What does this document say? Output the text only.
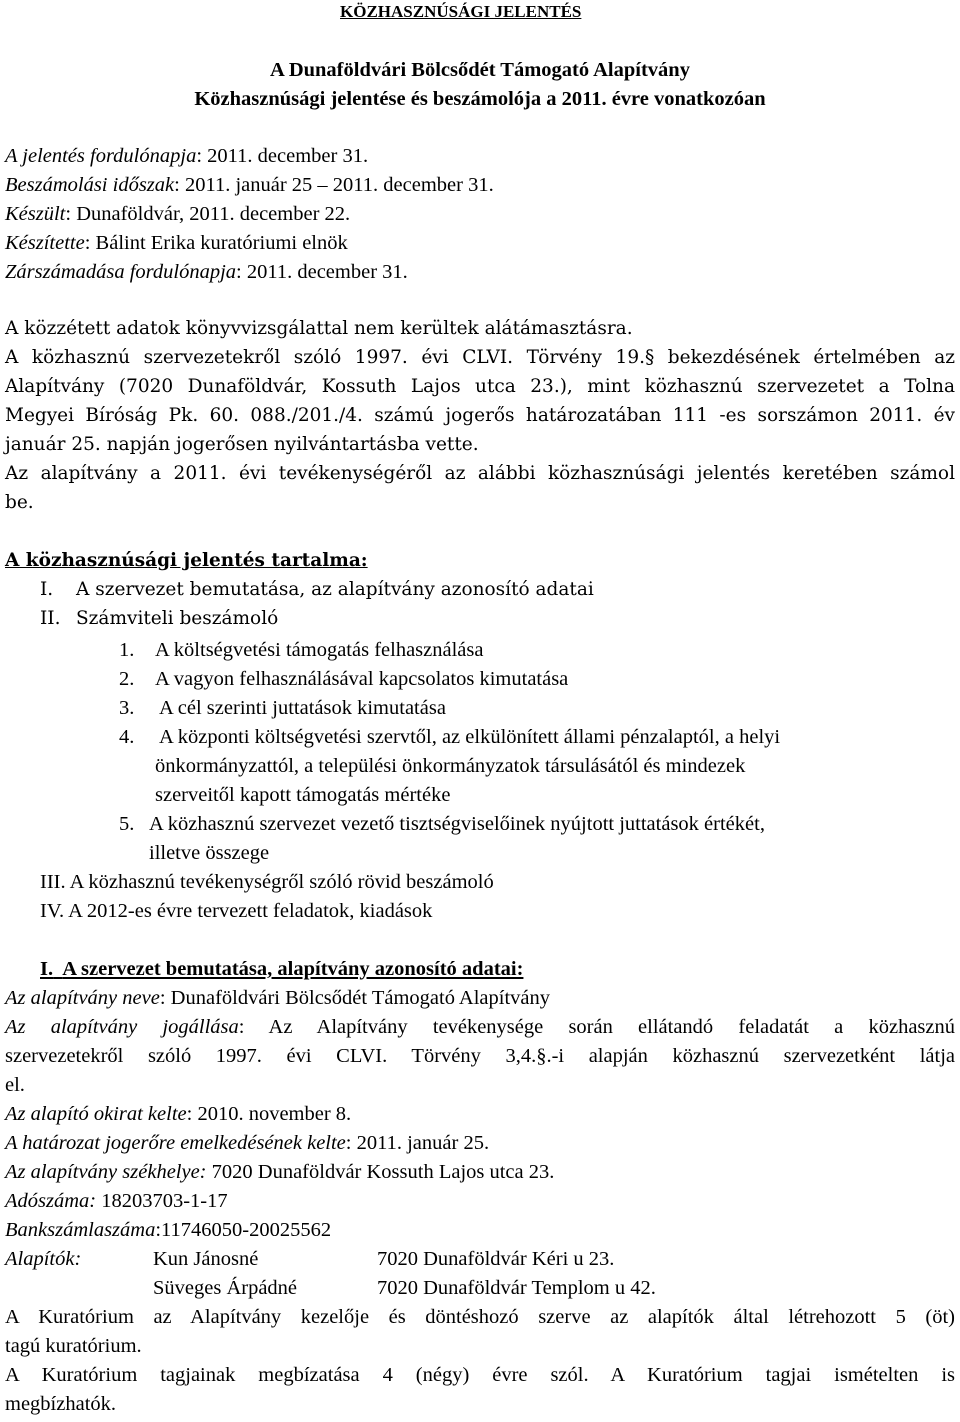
KÖZHASZNÚSÁGI JELENTÉS
A Dunaföldvári Bölcsődét Támogató Alapítvány
Közhasznúsági jelentése és beszámolója a 2011. évre vonatkozóan
A jelentés fordulónapja: 2011. december 31.
Beszámolási időszak: 2011. január 25 – 2011. december 31.
Készült: Dunaföldvár, 2011. december 22.
Készítette: Bálint Erika kuratóriumi elnök
Zárszámadása fordulónapja: 2011. december 31.
A közzétett adatok könyvvizsgálattal nem kerültek alátámasztásra.
A közhasznú szervezetekről szóló 1997. évi CLVI. Törvény 19.§ bekezdésének értelmében az
Alapítvány (7020 Dunaföldvár, Kossuth Lajos utca 23.), mint közhasznú szervezetet a Tolna
Megyei Bíróság Pk. 60. 088./201./4. számú jogerős határozatában 111 -es sorszámon 2011. év
január 25. napján jogerősen nyilvántartásba vette.
Az alapítvány a 2011. évi tevékenységéről az alábbi közhasznúsági jelentés keretében számol
be.
A közhasznúsági jelentés tartalma:
I. A szervezet bemutatása, az alapítvány azonosító adatai
II. Számviteli beszámoló
1. A költségvetési támogatás felhasználása
2. A vagyon felhasználásával kapcsolatos kimutatása
3. A cél szerinti juttatások kimutatása
4. A központi költségvetési szervtől, az elkülönített állami pénzalaptól, a helyi
önkormányzattól, a települési önkormányzatok társulásától és mindezek
szerveitől kapott támogatás mértéke
5. A közhasznú szervezet vezető tisztségviselőinek nyújtott juttatások értékét,
illetve összege
III. A közhasznú tevékenységről szóló rövid beszámoló
IV. A 2012-es évre tervezett feladatok, kiadások
I. A szervezet bemutatása, alapítvány azonosító adatai:
Az alapítvány neve: Dunaföldvári Bölcsődét Támogató Alapítvány
Az alapítvány jogállása: Az Alapítvány tevékenysége során ellátandó feladatát a közhasznú
szervezetekről szóló 1997. évi CLVI. Törvény 3,4.§.-i alapján közhasznú szervezetként látja
el.
Az alapító okirat kelte: 2010. november 8.
A határozat jogerőre emelkedésének kelte: 2011. január 25.
Az alapítvány székhelye: 7020 Dunaföldvár Kossuth Lajos utca 23.
Adószáma: 18203703-1-17
Bankszámlaszáma:11746050-20025562
Alapítók:	Kun Jánosné	7020 Dunaföldvár Kéri u 23.
Süveges Árpádné	7020 Dunaföldvár Templom u 42.
A Kuratórium az Alapítvány kezelője és döntéshozó szerve az alapítók által létrehozott 5 (öt)
tagú kuratórium.
A Kuratórium tagjainak megbízatása 4 (négy) évre szól. A Kuratórium tagjai ismételten is
megbízhatók.
